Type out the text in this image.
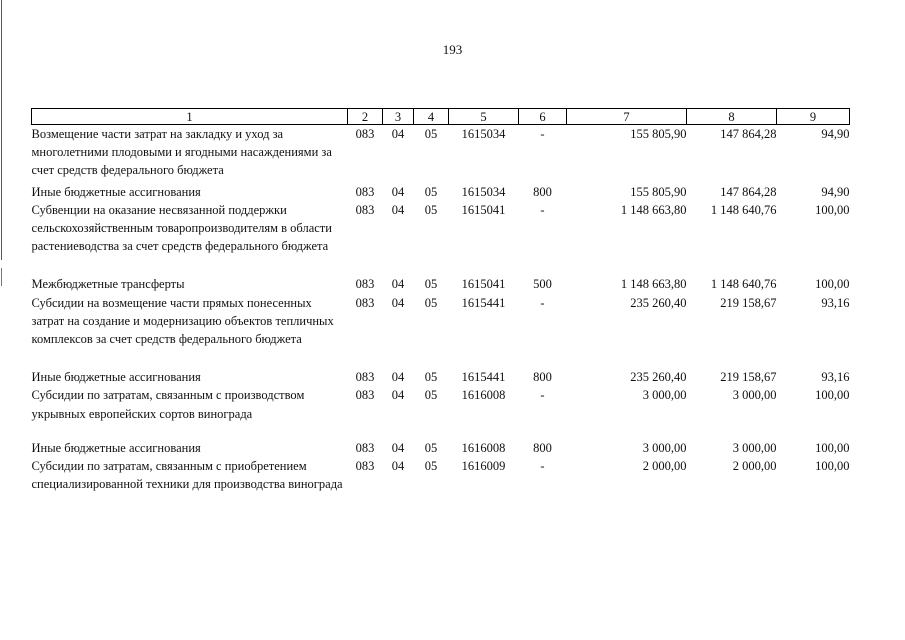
193
1	2	3	4	5	6	7	8	9
Возмещение части затрат на закладку и уход за многолетними плодовыми и ягодными насаждениями за счет средств федерального бюджета	083	04	05	1615034	-	155 805,90	147 864,28	94,90
Иные бюджетные ассигнования	083	04	05	1615034	800	155 805,90	147 864,28	94,90
Субвенции на оказание несвязанной поддержки сельскохозяйственным товаропроизводителям в области растениеводства за счет средств федерального бюджета	083	04	05	1615041	-	1 148 663,80	1 148 640,76	100,00
Межбюджетные трансферты	083	04	05	1615041	500	1 148 663,80	1 148 640,76	100,00
Субсидии на возмещение части прямых понесенных затрат на создание и модернизацию объектов тепличных комплексов за счет средств федерального бюджета	083	04	05	1615441	-	235 260,40	219 158,67	93,16
Иные бюджетные ассигнования	083	04	05	1615441	800	235 260,40	219 158,67	93,16
Субсидии по затратам, связанным с производством укрывных европейских сортов винограда	083	04	05	1616008	-	3 000,00	3 000,00	100,00
Иные бюджетные ассигнования	083	04	05	1616008	800	3 000,00	3 000,00	100,00
Субсидии по затратам, связанным с приобретением специализированной техники для производства винограда	083	04	05	1616009	-	2 000,00	2 000,00	100,00
